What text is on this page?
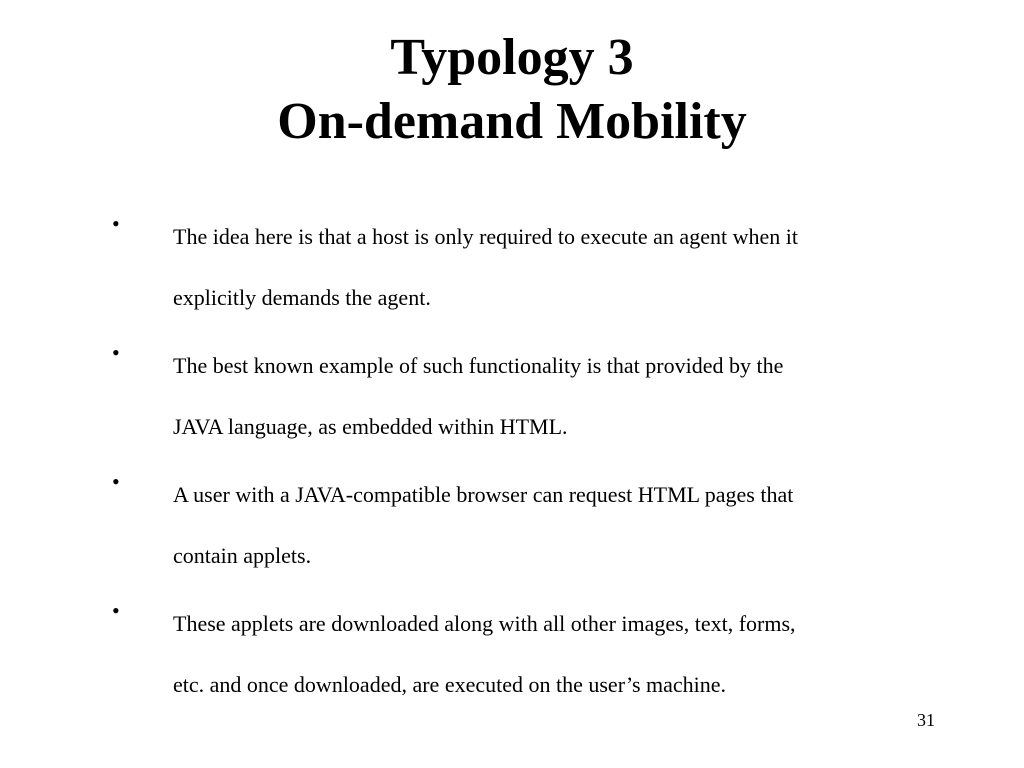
Typology 3
On-demand Mobility
•
The idea here is that a host is only required to execute an agent when it
explicitly demands the agent.
•
The best known example of such functionality is that provided by the
JAVA language, as embedded within HTML.
•
A user with a JAVA-compatible browser can request HTML pages that
contain applets.
•
These applets are downloaded along with all other images, text, forms,
etc. and once downloaded, are executed on the user’s machine.
31
